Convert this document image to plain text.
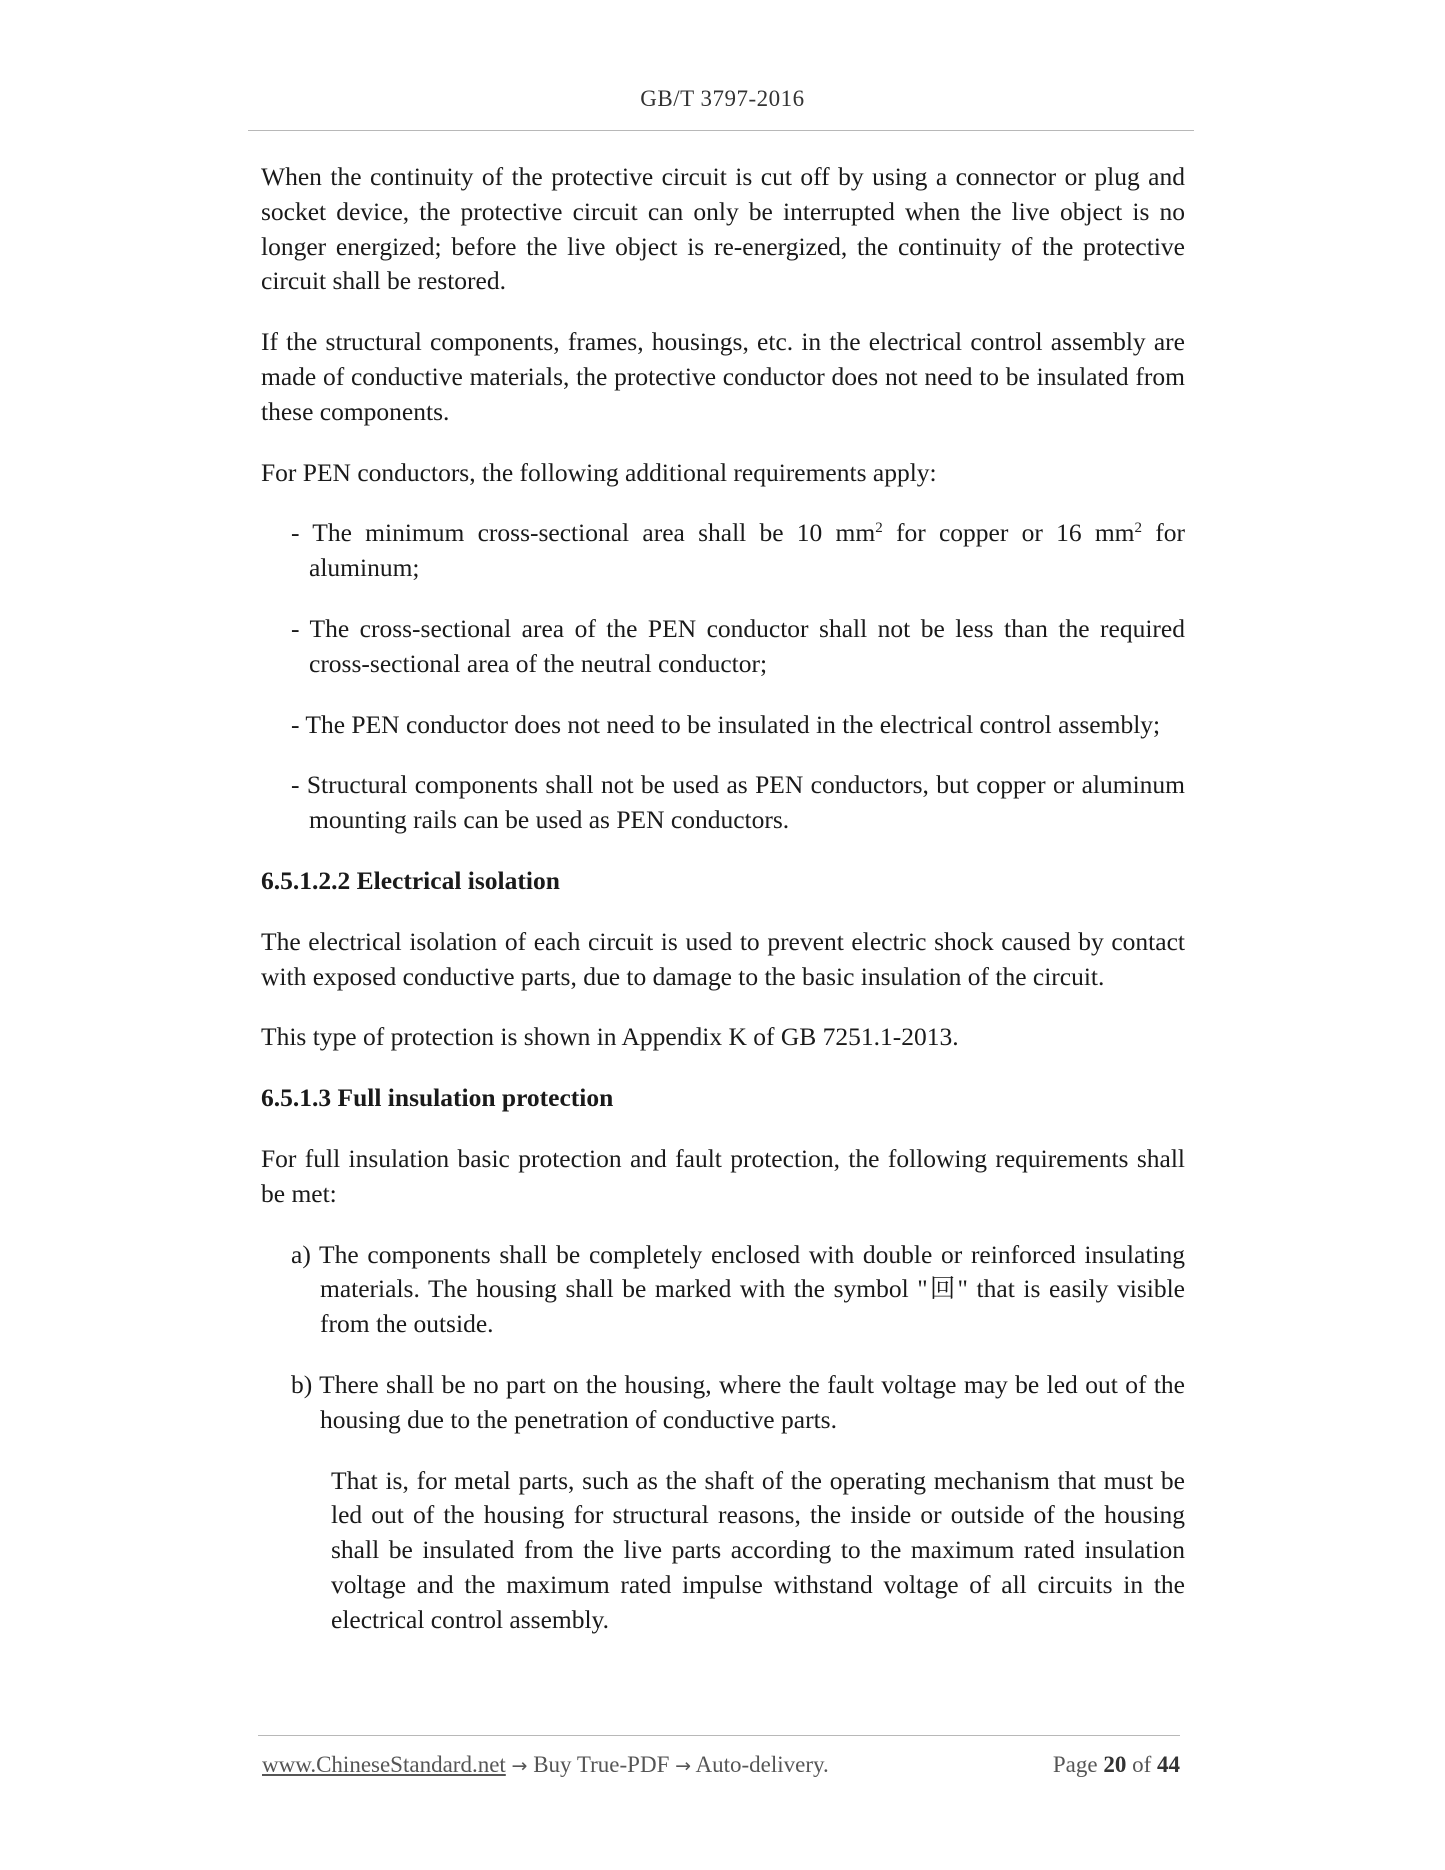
GB/T 3797-2016

When the continuity of the protective circuit is cut off by using a connector or plug and socket device, the protective circuit can only be interrupted when the live object is no longer energized; before the live object is re-energized, the continuity of the protective circuit shall be restored.

If the structural components, frames, housings, etc. in the electrical control assembly are made of conductive materials, the protective conductor does not need to be insulated from these components.

For PEN conductors, the following additional requirements apply:

- The minimum cross-sectional area shall be 10 $mm^2$ for copper or 16 $mm^2$ for aluminum;

- The cross-sectional area of the PEN conductor shall not be less than the required cross-sectional area of the neutral conductor;

- The PEN conductor does not need to be insulated in the electrical control assembly;

- Structural components shall not be used as PEN conductors, but copper or aluminum mounting rails can be used as PEN conductors.

6.5.1.2.2 Electrical isolation

The electrical isolation of each circuit is used to prevent electric shock caused by contact with exposed conductive parts, due to damage to the basic insulation of the circuit.

This type of protection is shown in Appendix K of GB 7251.1-2013.

6.5.1.3 Full insulation protection

For full insulation basic protection and fault protection, the following requirements shall be met:

a) The components shall be completely enclosed with double or reinforced insulating materials. The housing shall be marked with the symbol "回" that is easily visible from the outside.

b) There shall be no part on the housing, where the fault voltage may be led out of the housing due to the penetration of conductive parts.

That is, for metal parts, such as the shaft of the operating mechanism that must be led out of the housing for structural reasons, the inside or outside of the housing shall be insulated from the live parts according to the maximum rated insulation voltage and the maximum rated impulse withstand voltage of all circuits in the electrical control assembly.

www.ChineseStandard.net → Buy True-PDF → Auto-delivery.	Page 20 of 44
